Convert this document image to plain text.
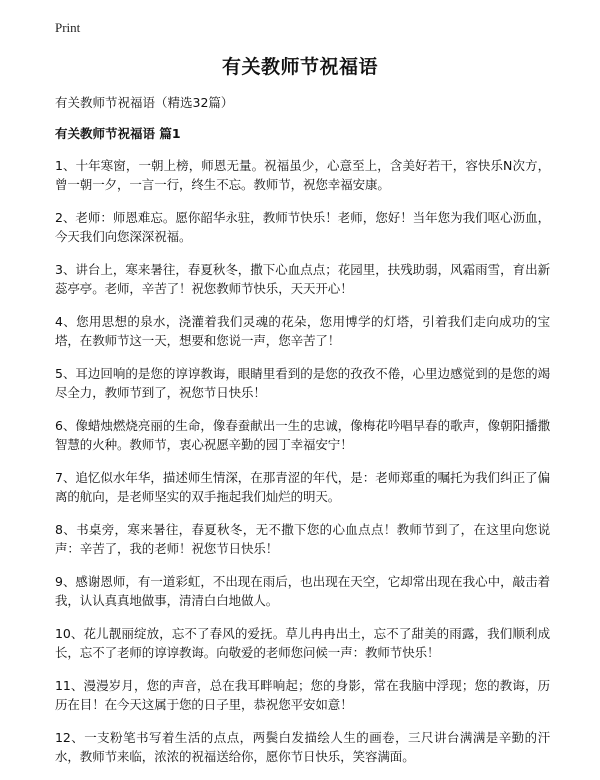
Print
有关教师节祝福语

有关教师节祝福语（精选32篇）

有关教师节祝福语 篇1

1、十年寒窗，一朝上榜，师恩无量。祝福虽少，心意至上，含美好若干，容快乐N次方，曾一朝一夕，一言一行，终生不忘。教师节，祝您幸福安康。

2、老师：师恩难忘。愿你韶华永驻，教师节快乐！老师，您好！当年您为我们呕心沥血，今天我们向您深深祝福。

3、讲台上，寒来暑往，春夏秋冬，撒下心血点点；花园里，扶残助弱，风霜雨雪，育出新蕊亭亭。老师，辛苦了！祝您教师节快乐，天天开心！

4、您用思想的泉水，浇灌着我们灵魂的花朵，您用博学的灯塔，引着我们走向成功的宝塔，在教师节这一天，想要和您说一声，您辛苦了！

5、耳边回响的是您的谆谆教诲，眼睛里看到的是您的孜孜不倦，心里边感觉到的是您的竭尽全力，教师节到了，祝您节日快乐！

6、像蜡烛燃烧亮丽的生命，像春蚕献出一生的忠诚，像梅花吟唱早春的歌声，像朝阳播撒智慧的火种。教师节，衷心祝愿辛勤的园丁幸福安宁！

7、追忆似水年华，描述师生情深，在那青涩的年代，是：老师郑重的嘱托为我们纠正了偏离的航向，是老师坚实的双手拖起我们灿烂的明天。

8、书桌旁，寒来暑往，春夏秋冬，无不撒下您的心血点点！教师节到了，在这里向您说声：辛苦了，我的老师！祝您节日快乐！

9、感谢恩师，有一道彩虹，不出现在雨后，也出现在天空，它却常出现在我心中，敲击着我，认认真真地做事，清清白白地做人。

10、花儿靓丽绽放，忘不了春风的爱抚。草儿冉冉出土，忘不了甜美的雨露，我们顺利成长，忘不了老师的谆谆教诲。向敬爱的老师您问候一声：教师节快乐！

11、漫漫岁月，您的声音，总在我耳畔响起；您的身影，常在我脑中浮现；您的教诲，历历在目！在今天这属于您的日子里，恭祝您平安如意！

12、一支粉笔书写着生活的点点，两鬓白发描绘人生的画卷，三尺讲台满满是辛勤的汗水，教师节来临，浓浓的祝福送给你，愿你节日快乐，笑容满面。
